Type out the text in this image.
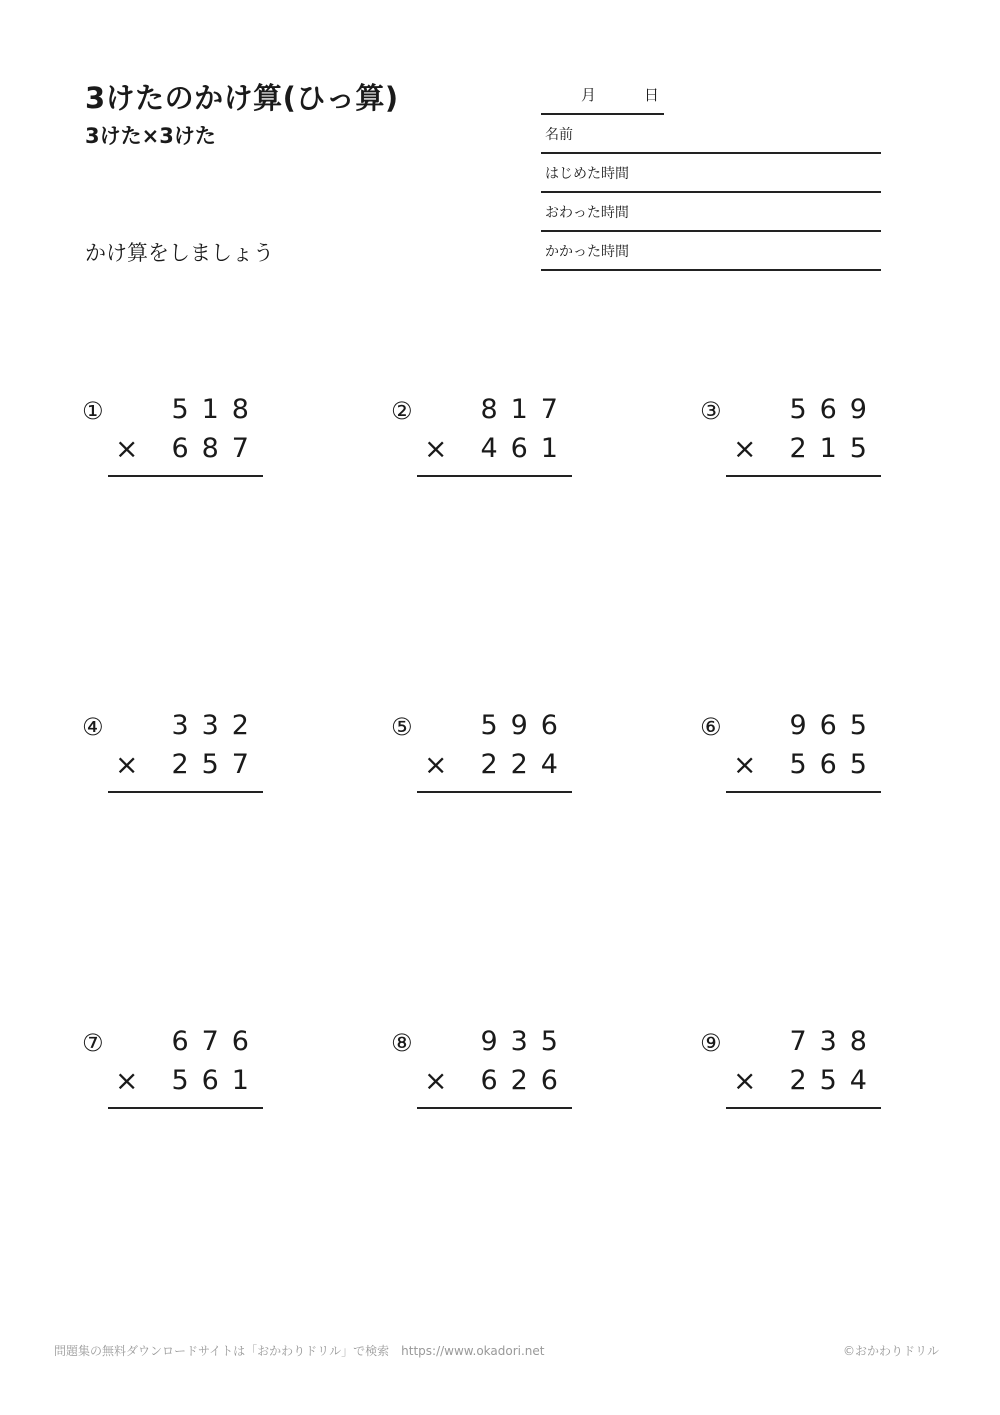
3けたのかけ算(ひっ算)
3けた×3けた

かけ算をしましょう

月	日
名前
はじめた時間
おわった時間
かかった時間
①	518
× 687
②	817
× 461
③	569
× 215
④	332
× 257
⑤	596
× 224
⑥	965
× 565
⑦	676
× 561
⑧	935
× 626
⑨	738
× 254
問題集の無料ダウンロードサイトは「おかわりドリル」で検索　https://www.okadori.net	©おかわりドリル
